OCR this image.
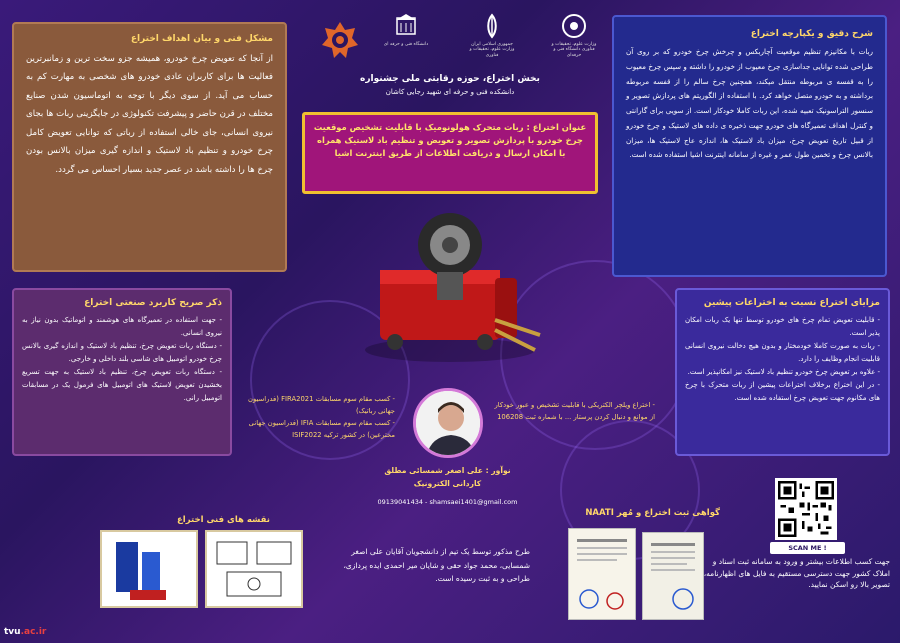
وزارت علوم، تحقیقات و فناوری دانشگاه فنی و حرفه‌ای
جمهوری اسلامی ایران وزارت علوم، تحقیقات و فناوری
دانشگاه فنی و حرفه ای
بخش اختراع، حوزه رقابتی ملی جشنواره
دانشکده فنی و حرفه ای شهید رجایی کاشان

عنوان اختراع : ربات متحرک هولونومیک با قابلیت تشخیص موقعیت چرخ خودرو با پردازش تصویر و تعویض و تنظیم باد لاستیک همراه با امکان ارسال و دریافت اطلاعات از طریق اینترنت اشیا

مشکل فنی و بیان اهداف اختراع

از آنجا که تعویض چرخ خودرو، همیشه جزو سخت ترین و زمانبرترین فعالیت ها برای کاربران عادی خودرو های شخصی به مهارت کم به حساب می آید. از سوی دیگر با توجه به اتوماسیون شدن صنایع مختلف در قرن حاضر و پیشرفت تکنولوژی در جایگزینی ربات ها بجای نیروی انسانی، جای خالی استفاده از رباتی که توانایی تعویض کامل چرخ خودرو و تنظیم باد لاستیک و اندازه گیری میزان بالانس بودن چرخ ها را داشته باشد در عصر جدید بسیار احساس می گردد.

شرح دقیق و یکپارچه اختراع

ربات با مکانیزم تنظیم موقعیت آچاربکس و چرخش چرخ خودرو که بر روی آن طراحی شده توانایی جداسازی چرخ معیوب از خودرو را داشته و سپس چرخ معیوب را به قفسه ی مربوطه منتقل میکند، همچنین چرخ سالم را از قفسه مربوطه برداشته و به خودرو متصل خواهد کرد. با استفاده از الگوریتم های پردازش تصویر و سنسور التراسونیک تعبیه شده، این ربات کاملا خودکار است. از سویی برای گارانتی و کنترل اهداف تعمیرگاه های خودرو جهت ذخیره ی داده های لاستیک و چرخ خودرو از قبیل تاریخ تعویض چرخ، میزان باد لاستیک ها، اندازه عاج لاستیک ها، میزان بالانس چرخ و تخمین طول عمر و غیره از سامانه اینترنت اشیا استفاده شده است.

ذکر صریح کاربرد صنعتی اختراع

- جهت استفاده در تعمیرگاه های هوشمند و اتوماتیک بدون نیاز به نیروی انسانی.
- دستگاه ربات تعویض چرخ، تنظیم باد لاستیک و اندازه گیری بالانس چرخ خودرو اتومبیل های شاسی بلند داخلی و خارجی.
- دستگاه ربات تعویض چرخ، تنظیم باد لاستیک به جهت تسریع بخشیدن تعویض لاستیک های اتومبیل های فرمول یک در مسابقات اتومبیل رانی.

مزایای اختراع نسبت به اختراعات پیشین

- قابلیت تعویض تمام چرخ های خودرو توسط تنها یک ربات امکان پذیر است.
- ربات به صورت کاملا خودمختار و بدون هیچ دخالت نیروی انسانی قابلیت انجام وظایف را دارد.
- علاوه بر تعویض چرخ خودرو تنظیم باد لاستیک نیز امکانپذیر است.
- در این اختراع برخلاف اختراعات پیشین از ربات متحرک با چرخ های مکانوم جهت تعویض چرخ استفاده شده است.

- کسب مقام سوم مسابقات FIRA2021 (فدراسیون جهانی رباتیک)
- کسب مقام سوم مسابقات IFIA (فدراسیون جهانی مخترعین) در کشور ترکیه ISIF2022
- اختراع ویلچر الکتریکی با قابلیت تشخیص و عبور خودکار از موانع و دنبال کردن پرستار ... با شماره ثبت 106208
نوآور : علی اصغر شمسائی مطلق
کاردانی الکترونیک
09139041434 - shamsaei1401@gmail.com
نقشه های فنی اختراع
طرح مذکور توسط یک تیم از دانشجویان آقایان علی اصغر شمسایی، محمد جواد حقی و شایان میر احمدی ایده پردازی، طراحی و به ثبت رسیده است.
گواهی ثبت اختراع و مُهر NAATI
SCAN ME !
جهت کسب اطلاعات بیشتر و ورود به سامانه ثبت اسناد و املاک کشور جهت دسترسی مستقیم به فایل های اظهارنامه، تصویر بالا رو اسکن نمایید.
tvu.ac.ir
